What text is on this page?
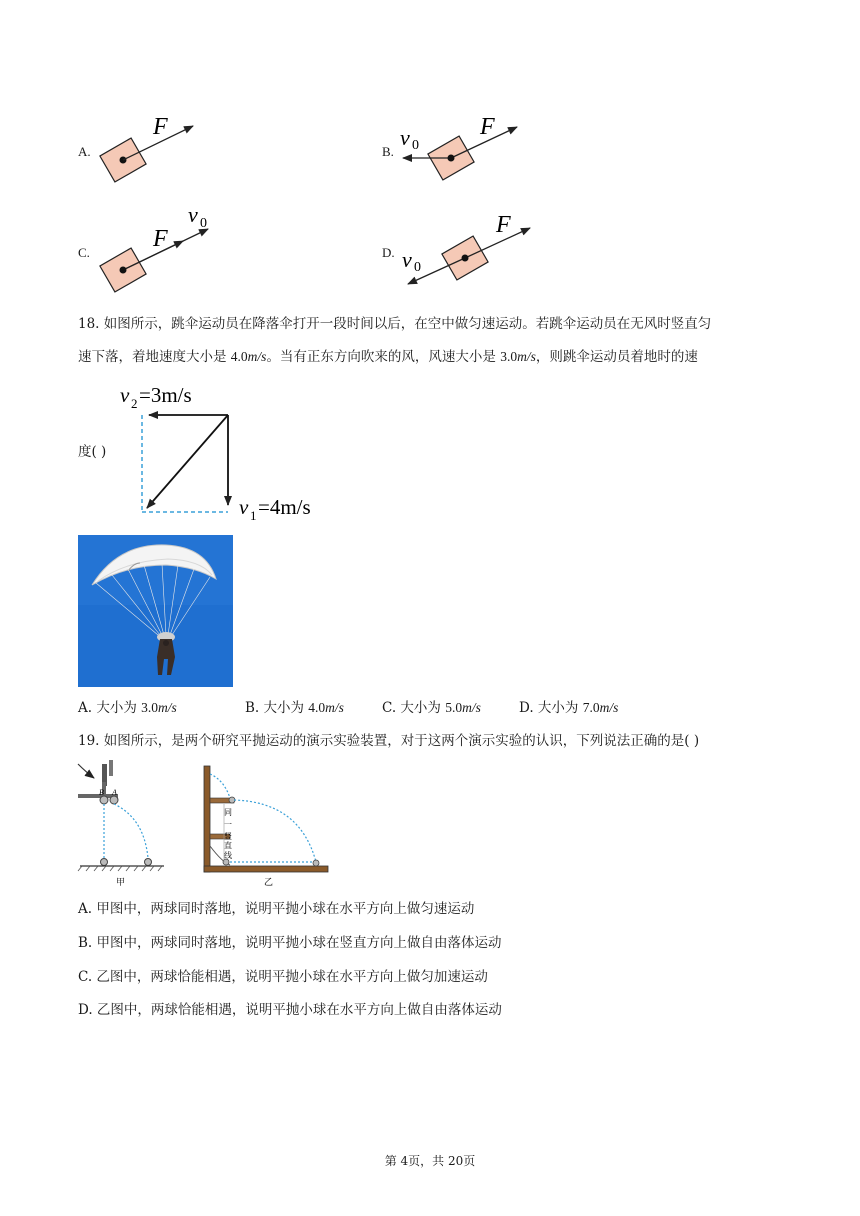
A.
F
B.
v 0
F
C.
F
v 0
D. v 0
F
18. 如图所示，跳伞运动员在降落伞打开一段时间以后，在空中做匀速运动。若跳伞运动员在无风时竖直匀
速下落，着地速度大小是 4.0m/s。当有正东方向吹来的风，风速大小是 3.0m/s，则跳伞运动员着地时的速
度( )
v 2 =3m/s
v 1 =4m/s
A. 大小为 3.0m/s	B. 大小为 4.0m/s	C. 大小为 5.0m/s	D. 大小为 7.0m/s
19. 如图所示，是两个研究平抛运动的演示实验装置，对于这两个演示实验的认识，下列说法正确的是( )
B A
甲
同
一
竖
直
线
乙
A. 甲图中，两球同时落地，说明平抛小球在水平方向上做匀速运动
B. 甲图中，两球同时落地，说明平抛小球在竖直方向上做自由落体运动
C. 乙图中，两球恰能相遇，说明平抛小球在水平方向上做匀加速运动
D. 乙图中，两球恰能相遇，说明平抛小球在水平方向上做自由落体运动
第 4页，共 20页
